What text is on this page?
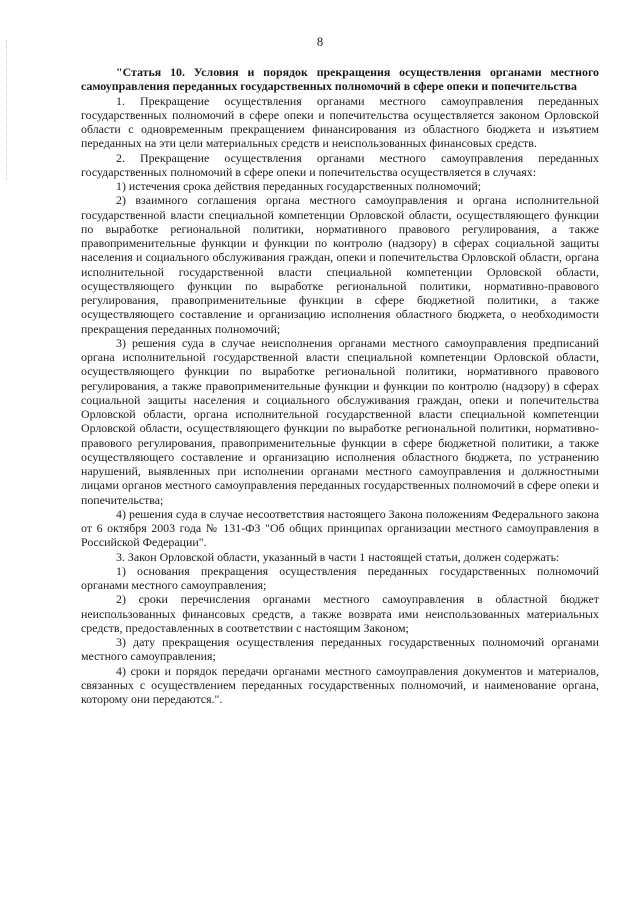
8

"Статья 10. Условия и порядок прекращения осуществления органами местного самоуправления переданных государственных полномочий в сфере опеки и попечительства

1. Прекращение осуществления органами местного самоуправления переданных государственных полномочий в сфере опеки и попечительства осуществляется законом Орловской области с одновременным прекращением финансирования из областного бюджета и изъятием переданных на эти цели материальных средств и неиспользованных финансовых средств.

2. Прекращение осуществления органами местного самоуправления переданных государственных полномочий в сфере опеки и попечительства осуществляется в случаях:

1) истечения срока действия переданных государственных полномочий;

2) взаимного соглашения органа местного самоуправления и органа исполнительной государственной власти специальной компетенции Орловской области, осуществляющего функции по выработке региональной политики, нормативного правового регулирования, а также правоприменительные функции и функции по контролю (надзору) в сферах социальной защиты населения и социального обслуживания граждан, опеки и попечительства Орловской области, органа исполнительной государственной власти специальной компетенции Орловской области, осуществляющего функции по выработке региональной политики, нормативно-правового регулирования, правоприменительные функции в сфере бюджетной политики, а также осуществляющего составление и организацию исполнения областного бюджета, о необходимости прекращения переданных полномочий;

3) решения суда в случае неисполнения органами местного самоуправления предписаний органа исполнительной государственной власти специальной компетенции Орловской области, осуществляющего функции по выработке региональной политики, нормативного правового регулирования, а также правоприменительные функции и функции по контролю (надзору) в сферах социальной защиты населения и социального обслуживания граждан, опеки и попечительства Орловской области, органа исполнительной государственной власти специальной компетенции Орловской области, осуществляющего функции по выработке региональной политики, нормативно-правового регулирования, правоприменительные функции в сфере бюджетной политики, а также осуществляющего составление и организацию исполнения областного бюджета, по устранению нарушений, выявленных при исполнении органами местного самоуправления и должностными лицами органов местного самоуправления переданных государственных полномочий в сфере опеки и попечительства;

4) решения суда в случае несоответствия настоящего Закона положениям Федерального закона от 6 октября 2003 года № 131-ФЗ "Об общих принципах организации местного самоуправления в Российской Федерации".

3. Закон Орловской области, указанный в части 1 настоящей статьи, должен содержать:

1) основания прекращения осуществления переданных государственных полномочий органами местного самоуправления;

2) сроки перечисления органами местного самоуправления в областной бюджет неиспользованных финансовых средств, а также возврата ими неиспользованных материальных средств, предоставленных в соответствии с настоящим Законом;

3) дату прекращения осуществления переданных государственных полномочий органами местного самоуправления;

4) сроки и порядок передачи органами местного самоуправления документов и материалов, связанных с осуществлением переданных государственных полномочий, и наименование органа, которому они передаются.".
